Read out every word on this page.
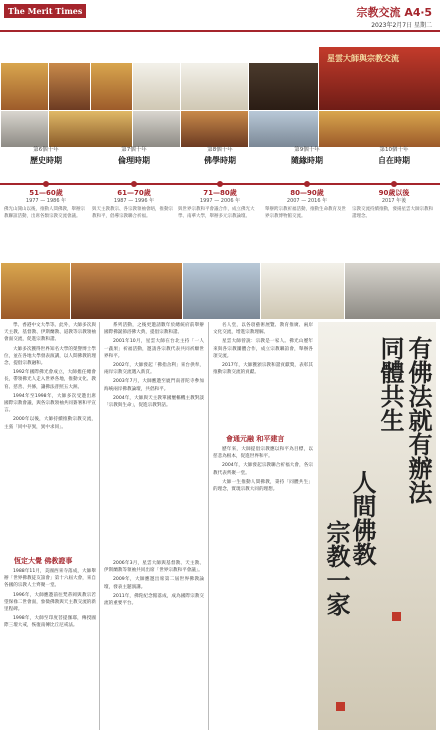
The Merit Times	宗教交流 A4‧5
2023年2月7日 星期二
星雲大師與宗教交流
第6個十年
歷史時期
第7個十年
倫理時期
第8個十年
佛學時期
第9個十年
隨緣時期
第10個十年
自在時期
51—60歲	61—70歲	71—80歲	80—90歲	90歲以後
1977 — 1986 年	1987 — 1996 年	1997 — 2006 年	2007 — 2016 年	2017 年後
佛光山開山以後，推動人間佛教，舉辦宗教聯誼活動，出席各類宗教交流會議。
與天主教教宗、各宗教領袖會晤，推動宗教和平，倡導宗教聯合祈福。
與世界宗教和平會議合作，成立佛光大學、南華大學，舉辦多元宗教論壇。
舉辦跨宗教祈福活動，推動生命教育及世界宗教博物館交流。
宗教交流持續推動，發揚星雲大師宗教和諧理念。

學、香港中文大學等。此外，大師多次與天主教、基督教、伊斯蘭教、道教等宗教領袖會面交流，促進宗教和諧。

大師多次獲得世界知名大學的榮譽博士學位，並在各地大學發表演講，以人間佛教的理念，提倡宗教融和。

1992年國際佛光會成立，大師擔任總會長，帶領佛光人走入世界各地，推動文化、教育、慈善、共修，讓佛法普照五大洲。

1994年至1998年，大師多次受邀出席國際宗教會議，與各宗教領袖共同簽署和平宣言。

2000年以後，大師持續推動宗教交流，主張「同中存異，異中求同」。

恆定大覺 佛教證事

1988年11月，美國西來寺落成，大師舉辦「世界佛教徒友誼會」第十六屆大會，來自各國的宗教人士齊聚一堂。

1996年，大師應邀前往梵蒂岡與教宗若望保祿二世會面，象徵佛教與天主教交流的新里程碑。

1998年，大師至印度菩提伽耶，傳授國際三壇大戒，恢復南傳比丘尼戒法。

系列活動，之後更邀請數年於總統府前舉辦國際佛誕節浴佛大典，提倡宗教和諧。

2001年10月，星雲大師在台北主持「一人一蔬果」祈福活動，邀請各宗教代表共同祈願世界和平。

2002年，大師發起「佛指舍利」來台供奉，兩岸宗教交流邁入新頁。

2003年7月，大師應邀至廈門南普陀寺參加海峽兩岸佛教論壇，共倡和平。

2004年，大師與天主教單國璽樞機主教對談「宗教與生命」，促進宗教對話。

2006年3月，星雲大師與基督教、天主教、伊斯蘭教等領袖共同出席「世界宗教和平會議」。

2009年，大師應邀出席第二屆世界佛教論壇，發表主題演講。

2011年，佛陀紀念館落成，成為國際宗教交流的重要平台。

名人堂，以各項藝術展覽、教育推廣、兩岸文化交流，增進宗教理解。

星雲大師曾說：宗教是一家人。佛光山歷年來與各宗教團體合作，成立宗教聯誼會，舉辦各項交流。

2017年，大師獲頒宗教和諧貢獻獎，表彰其推動宗教交流的貢獻。

會通元融 和平建言

歷年來，大師提倡宗教應以和平為目標，以慈悲為根本，促進世界和平。

2004年，大師發起宗教聯合祈福大會，各宗教代表齊聚一堂。

大師一生推動人間佛教，秉持「同體共生」的理念，實現宗教大同的理想。	有佛法就有辦法
同體共生
人間佛教
宗教一家
